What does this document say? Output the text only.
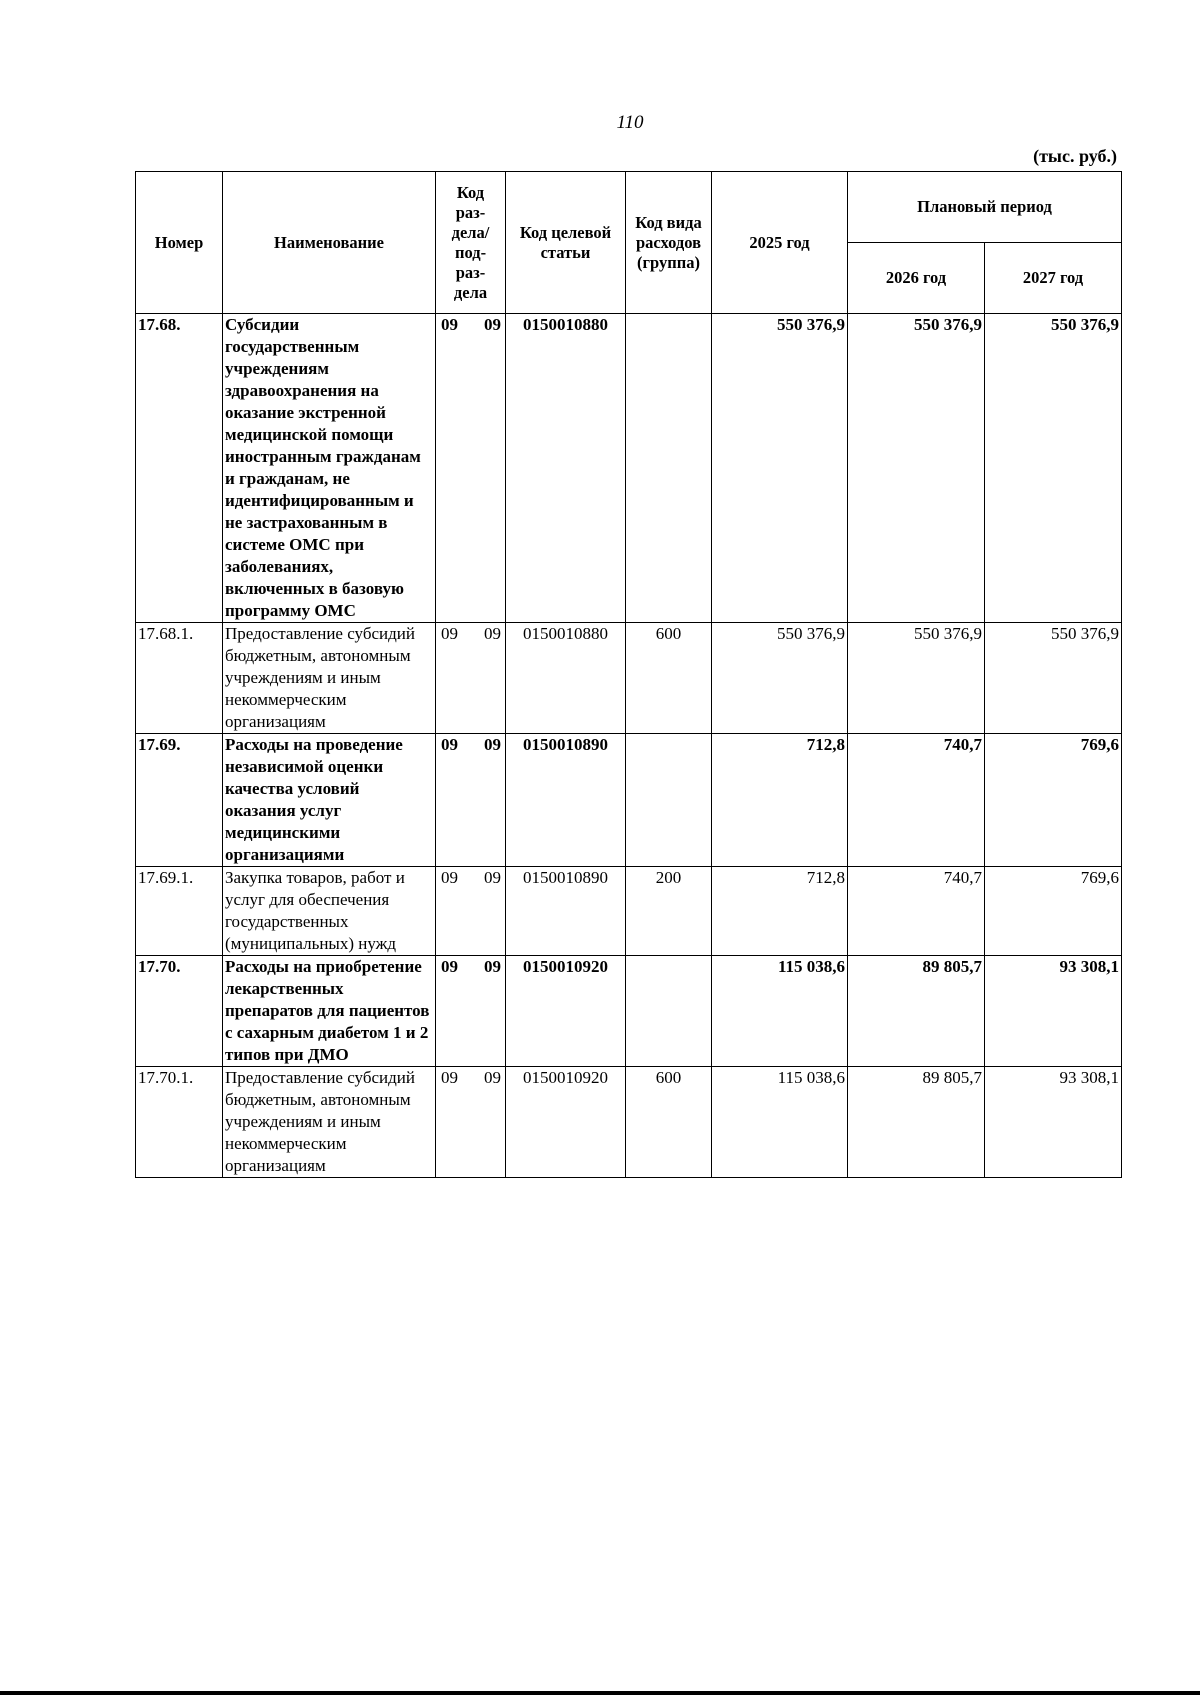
110
(тыс. руб.)
Номер	Наименование	Код раз- дела/ под- раз- дела	Код целевой статьи	Код вида расходов (группа)	2025 год	Плановый период	
						2026 год	2027 год
17.68.	Субсидии государственным учреждениям здравоохранения на оказание экстренной медицинской помощи иностранным гражданам и гражданам, не идентифицированным и не застрахованным в системе ОМС при заболеваниях, включенных в базовую программу ОМС	09 09	0150010880		550 376,9	550 376,9	550 376,9
17.68.1.	Предоставление субсидий бюджетным, автономным учреждениям и иным некоммерческим организациям	09 09	0150010880	600	550 376,9	550 376,9	550 376,9
17.69.	Расходы на проведение независимой оценки качества условий оказания услуг медицинскими организациями	09 09	0150010890		712,8	740,7	769,6
17.69.1.	Закупка товаров, работ и услуг для обеспечения государственных (муниципальных) нужд	09 09	0150010890	200	712,8	740,7	769,6
17.70.	Расходы на приобретение лекарственных препаратов для пациентов с сахарным диабетом 1 и 2 типов при ДМО	09 09	0150010920		115 038,6	89 805,7	93 308,1
17.70.1.	Предоставление субсидий бюджетным, автономным учреждениям и иным некоммерческим организациям	09 09	0150010920	600	115 038,6	89 805,7	93 308,1
